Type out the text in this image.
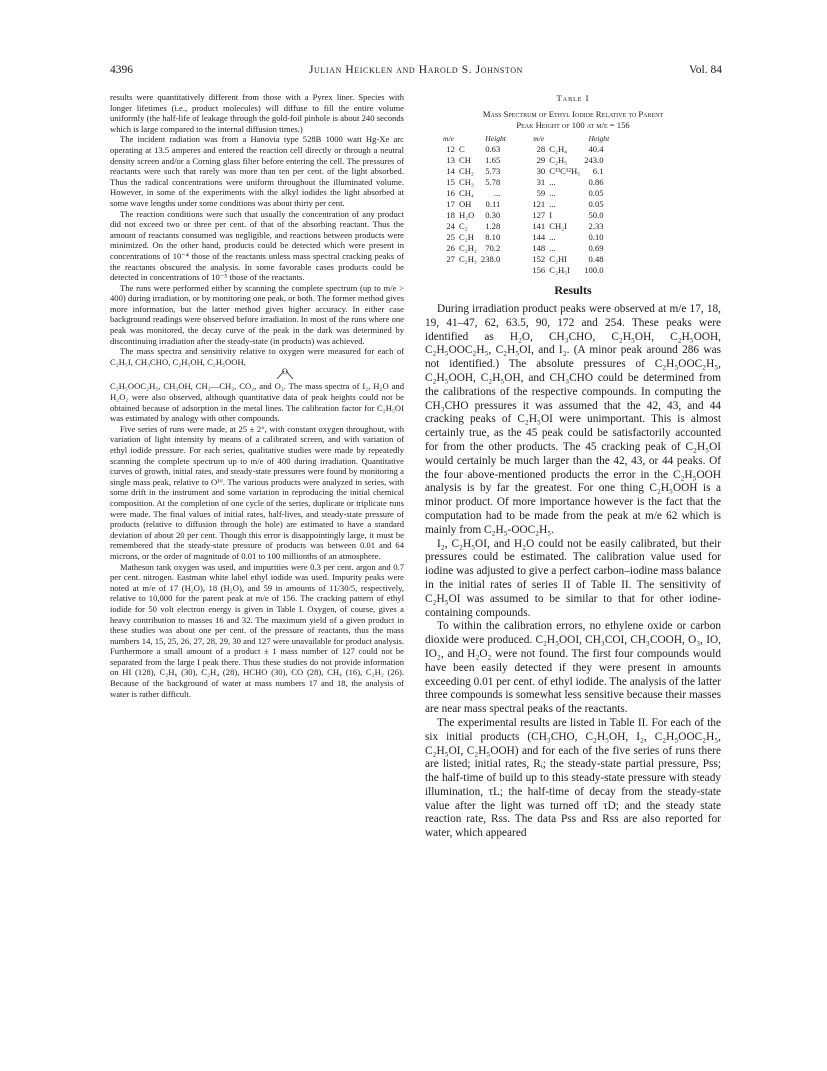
4396	Julian Heicklen and Harold S. Johnston	Vol. 84

results were quantitatively different from those with a Pyrex liner. Species with longer lifetimes (i.e., product molecules) will diffuse to fill the entire volume uniformly (the half-life of leakage through the gold-foil pinhole is about 240 seconds which is large compared to the internal diffusion times.)

The incident radiation was from a Hanovia type 528B 1000 watt Hg-Xe arc operating at 13.5 amperes and entered the reaction cell directly or through a neutral density screen and/or a Corning glass filter before entering the cell. The pressures of reactants were such that rarely was more than ten per cent. of the light absorbed. Thus the radical concentrations were uniform throughout the illuminated volume. However, in some of the experiments with the alkyl iodides the light absorbed at some wave lengths under some conditions was about thirty per cent.

The reaction conditions were such that usually the concentration of any product did not exceed two or three per cent. of that of the absorbing reactant. Thus the amount of reactants consumed was negligible, and reactions between products were minimized. On the other hand, products could be detected which were present in concentrations of 10⁻⁴ those of the reactants unless mass spectral cracking peaks of the reactants obscured the analysis. In some favorable cases products could be detected in concentrations of 10⁻⁵ those of the reactants.

The runs were performed either by scanning the complete spectrum (up to m/e > 400) during irradiation, or by monitoring one peak, or both. The former method gives more information, but the latter method gives higher accuracy. In either case background readings were observed before irradiation. In most of the runs where one peak was monitored, the decay curve of the peak in the dark was determined by discontinuing irradiation after the steady-state (in products) was achieved.

The mass spectra and sensitivity relative to oxygen were measured for each of C₂H₅I, CH₃CHO, C₂H₅OH, C₂H₅OOH,

O

C₂H₅OOC₂H₅, CH₃OH, CH₂—CH₂, CO₂, and O₂. The mass spectra of I₂, H₂O and H₂O₂ were also observed, although quantitative data of peak heights could not be obtained because of adsorption in the metal lines. The calibration factor for C₂H₅OI was estimated by analogy with other compounds.

Five series of runs were made, at 25 ± 2°, with constant oxygen throughout, with variation of light intensity by means of a calibrated screen, and with variation of ethyl iodide pressure. For each series, qualitative studies were made by repeatedly scanning the complete spectrum up to m/e of 400 during irradiation. Quantitative curves of growth, initial rates, and steady-state pressures were found by monitoring a single mass peak, relative to O¹⁶. The various products were analyzed in series, with some drift in the instrument and some variation in reproducing the initial chemical composition. At the completion of one cycle of the series, duplicate or triplicate runs were made. The final values of initial rates, half-lives, and steady-state pressure of products (relative to diffusion through the hole) are estimated to have a standard deviation of about 20 per cent. Though this error is disappointingly large, it must be remembered that the steady-state pressure of products was between 0.01 and 64 microns, or the order of magnitude of 0.01 to 100 millionths of an atmosphere.

Matheson tank oxygen was used, and impurities were 0.3 per cent. argon and 0.7 per cent. nitrogen. Eastman white label ethyl iodide was used. Impurity peaks were noted at m/e of 17 (H₂O), 18 (H₂O), and 59 in amounts of 11/30/5, respectively, relative to 10,000 for the parent peak at m/e of 156. The cracking pattern of ethyl iodide for 50 volt electron energy is given in Table I. Oxygen, of course, gives a heavy contribution to masses 16 and 32. The maximum yield of a given product in these studies was about one per cent. of the pressure of reactants, thus the mass numbers 14, 15, 25, 26, 27, 28, 29, 30 and 127 were unavailable for product analysis. Furthermore a small amount of a product ± 1 mass number of 127 could not be separated from the large I peak there. Thus these studies do not provide information on HI (128), C₂H₆ (30), C₂H₄ (28), HCHO (30), CO (28), CH₄ (16), C₂H₂ (26). Because of the background of water at mass numbers 17 and 18, the analysis of water is rather difficult.

Table I
Mass Spectrum of Ethyl Iodide Relative to Parent
Peak Height of 100 at m/e = 156
m/e		Height		m/e		Height
12	C	0.63		28	C₂H₄	40.4
13	CH	1.65		29	C₂H₅	243.0
14	CH₂	5.73		30	C¹³C¹²H₅	6.1
15	CH₃	5.78		31	...	0.86
16	CH₄	...		59	...	0.05
17	OH	0.11		121	...	0.05
18	H₂O	0.30		127	I	50.0
24	C₂	1.28		141	CH₂I	2.33
25	C₂H	8.10		144	...	0.10
26	C₂H₂	70.2		148	...	0.69
27	C₂H₃	238.0		152	C₂HI	0.48
				156	C₂H₅I	100.0
Results

During irradiation product peaks were observed at m/e 17, 18, 19, 41–47, 62, 63.5, 90, 172 and 254. These peaks were identified as H₂O, CH₃CHO, C₂H₅OH, C₂H₅OOH, C₂H₅OOC₂H₅, C₂H₅OI, and I₂. (A minor peak around 286 was not identified.) The absolute pressures of C₂H₅OOC₂H₅, C₂H₅OOH, C₂H₅OH, and CH₃CHO could be determined from the calibrations of the respective compounds. In computing the CH₃CHO pressures it was assumed that the 42, 43, and 44 cracking peaks of C₂H₅OI were unimportant. This is almost certainly true, as the 45 peak could be satisfactorily accounted for from the other products. The 45 cracking peak of C₂H₅OI would certainly be much larger than the 42, 43, or 44 peaks. Of the four above-mentioned products the error in the C₂H₅OOH analysis is by far the greatest. For one thing C₂H₅OOH is a minor product. Of more importance however is the fact that the computation had to be made from the peak at m/e 62 which is mainly from C₂H₅-OOC₂H₅.

I₂, C₂H₅OI, and H₂O could not be easily calibrated, but their pressures could be estimated. The calibration value used for iodine was adjusted to give a perfect carbon–iodine mass balance in the initial rates of series II of Table II. The sensitivity of C₂H₅OI was assumed to be similar to that for other iodine-containing compounds.

To within the calibration errors, no ethylene oxide or carbon dioxide were produced. C₂H₅OOI, CH₃COI, CH₃COOH, O₃, IO, IO₂, and H₂O₂ were not found. The first four compounds would have been easily detected if they were present in amounts exceeding 0.01 per cent. of ethyl iodide. The analysis of the latter three compounds is somewhat less sensitive because their masses are near mass spectral peaks of the reactants.

The experimental results are listed in Table II. For each of the six initial products (CH₃CHO, C₂H₅OH, I₂, C₂H₅OOC₂H₅, C₂H₅OI, C₂H₅OOH) and for each of the five series of runs there are listed; initial rates, Rᵢ; the steady-state partial pressure, Pss; the half-time of build up to this steady-state pressure with steady illumination, τL; the half-time of decay from the steady-state value after the light was turned off τD; and the steady state reaction rate, Rss. The data Pss and Rss are also reported for water, which appeared
